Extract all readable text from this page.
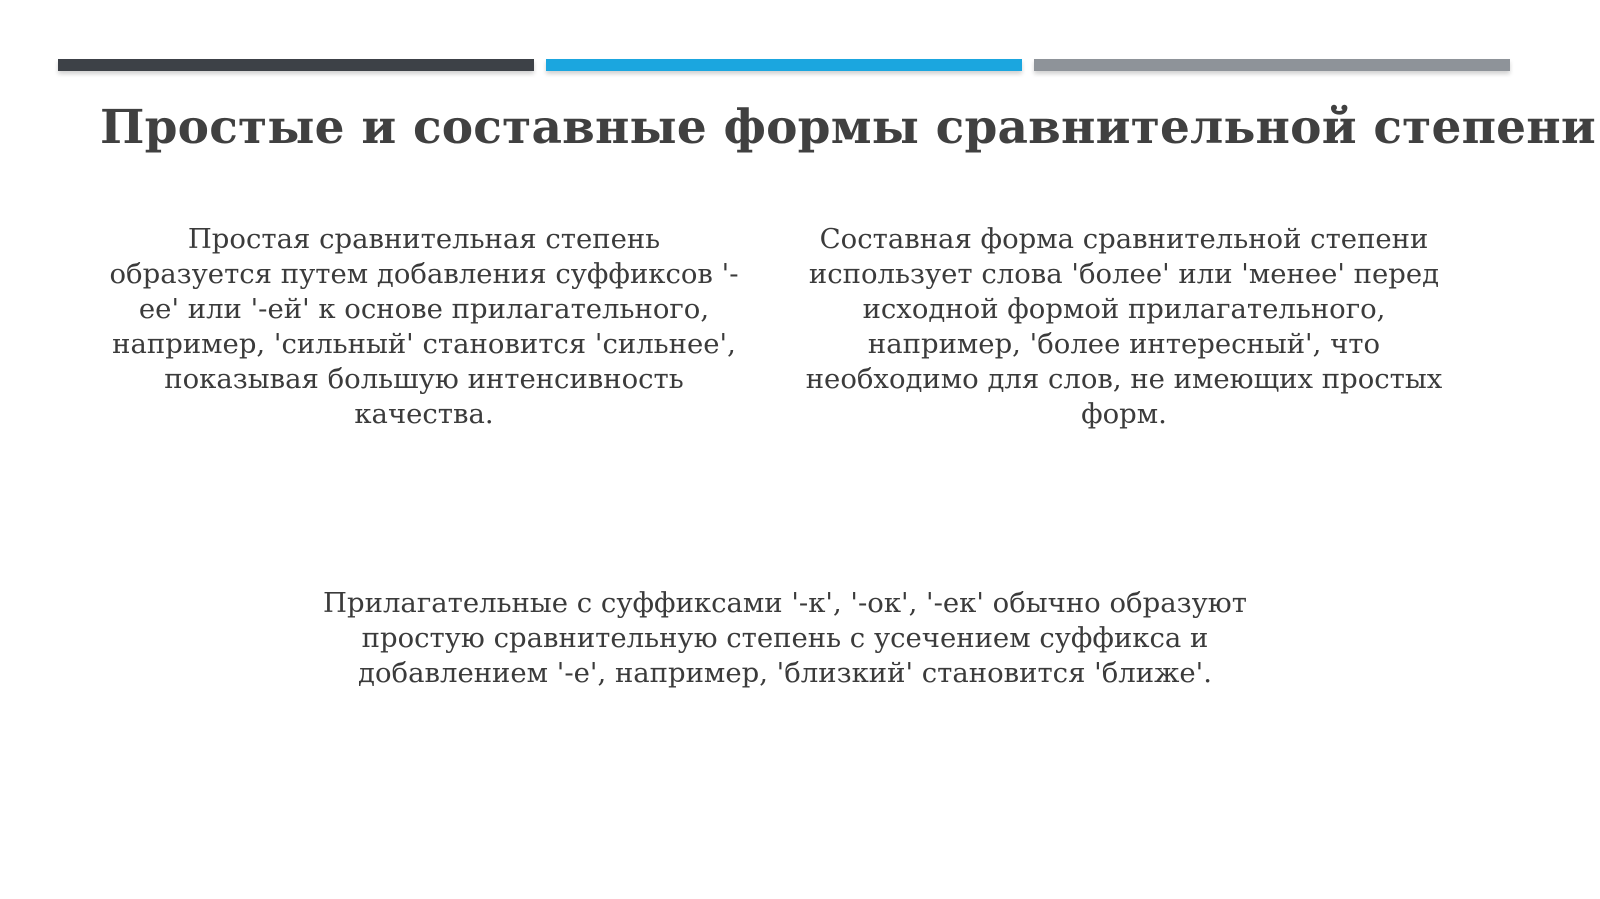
Простые и составные формы сравнительной степени

Простая сравнительная степень образуется путем добавления суффиксов '-ее' или '-ей' к основе прилагательного, например, 'сильный' становится 'сильнее', показывая большую интенсивность качества.

Составная форма сравнительной степени использует слова 'более' или 'менее' перед исходной формой прилагательного, например, 'более интересный', что необходимо для слов, не имеющих простых форм.

Прилагательные с суффиксами '-к', '-ок', '-ек' обычно образуют простую сравнительную степень с усечением суффикса и добавлением '-е', например, 'близкий' становится 'ближе'.
